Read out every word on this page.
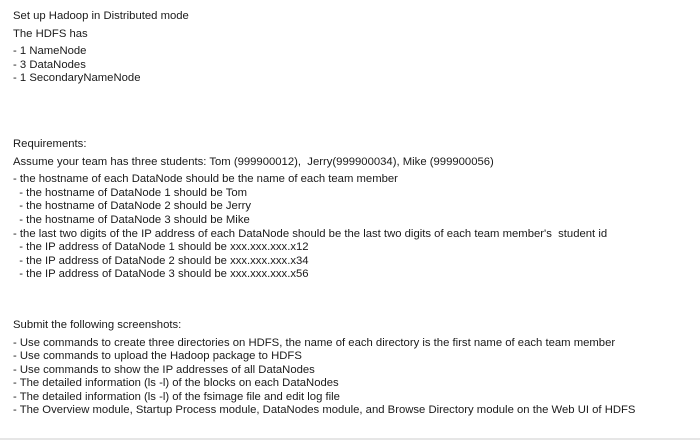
Set up Hadoop in Distributed mode
The HDFS has
- 1 NameNode
- 3 DataNodes
- 1 SecondaryNameNode
Requirements:
Assume your team has three students: Tom (999900012),  Jerry(999900034), Mike (999900056)
- the hostname of each DataNode should be the name of each team member
- the hostname of DataNode 1 should be Tom
- the hostname of DataNode 2 should be Jerry
- the hostname of DataNode 3 should be Mike
- the last two digits of the IP address of each DataNode should be the last two digits of each team member's  student id
- the IP address of DataNode 1 should be xxx.xxx.xxx.x12
- the IP address of DataNode 2 should be xxx.xxx.xxx.x34
- the IP address of DataNode 3 should be xxx.xxx.xxx.x56
Submit the following screenshots:
- Use commands to create three directories on HDFS, the name of each directory is the first name of each team member
- Use commands to upload the Hadoop package to HDFS
- Use commands to show the IP addresses of all DataNodes
- The detailed information (ls -l) of the blocks on each DataNodes
- The detailed information (ls -l) of the fsimage file and edit log file
- The Overview module, Startup Process module, DataNodes module, and Browse Directory module on the Web UI of HDFS
